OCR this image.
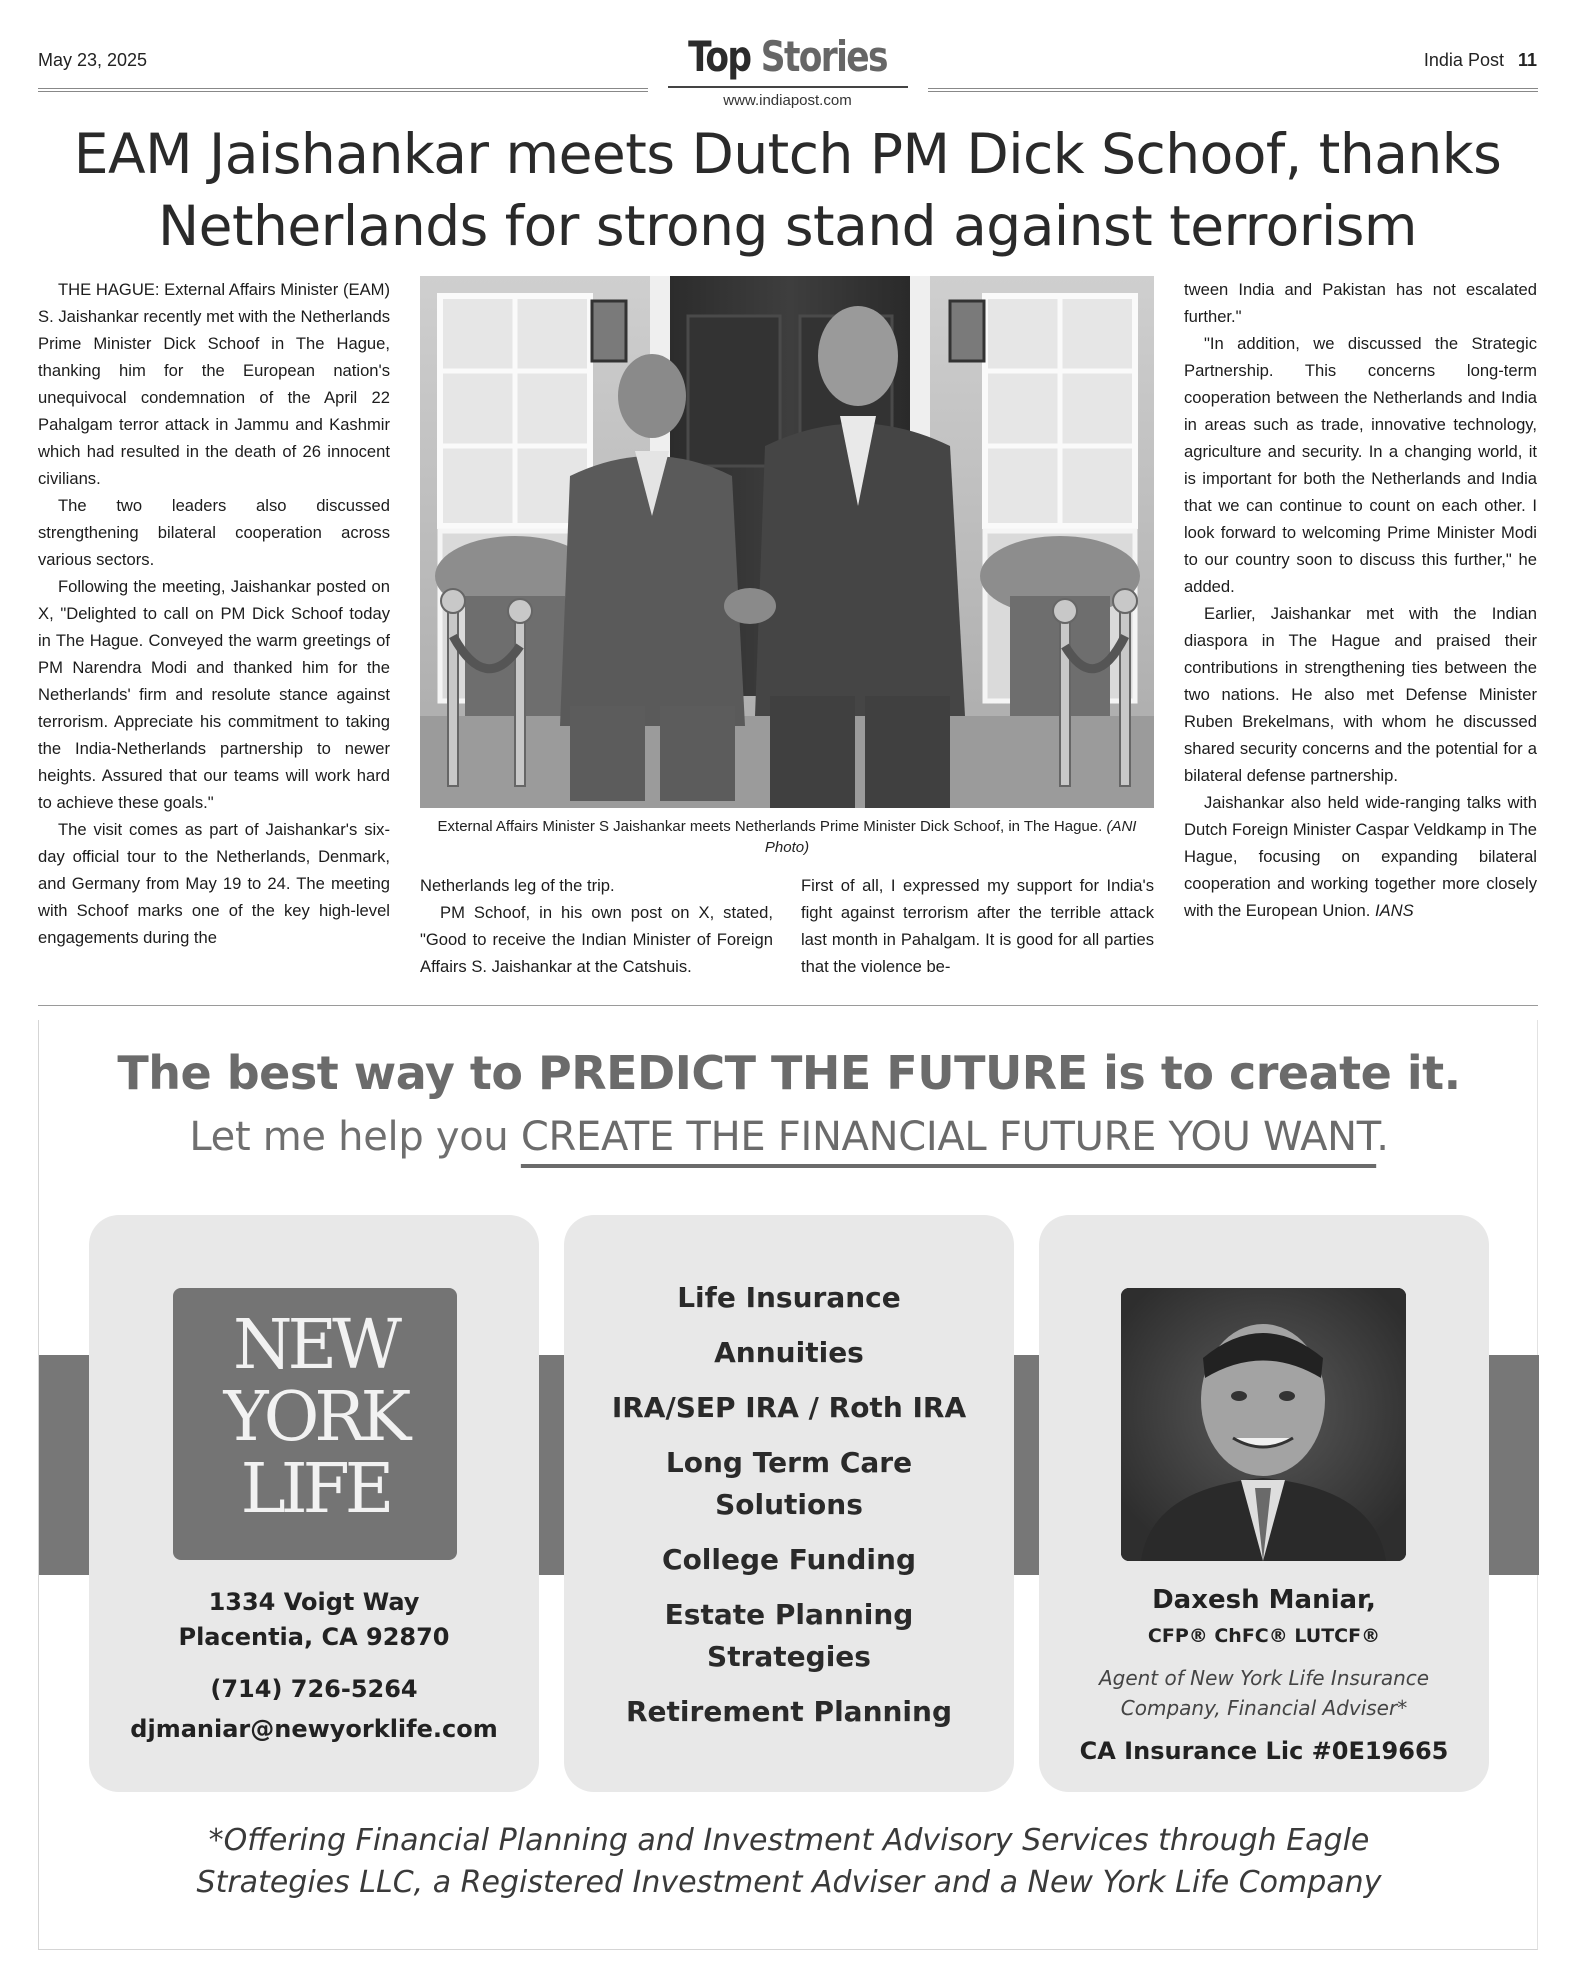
May 23, 2025	Top Stories
www.indiapost.com
India Post 11
EAM Jaishankar meets Dutch PM Dick Schoof, thanks
Netherlands for strong stand against terrorism

THE HAGUE: External Affairs Minister (EAM) S. Jaishankar recently met with the Netherlands Prime Minister Dick Schoof in The Hague, thanking him for the European nation's unequivocal condemnation of the April 22 Pahalgam terror attack in Jammu and Kashmir which had resulted in the death of 26 innocent civilians.

The two leaders also discussed strengthening bilateral cooperation across various sectors.

Following the meeting, Jaishankar posted on X, "Delighted to call on PM Dick Schoof today in The Hague. Conveyed the warm greetings of PM Narendra Modi and thanked him for the Netherlands' firm and resolute stance against terrorism. Appreciate his commitment to taking the India-Netherlands partnership to newer heights. Assured that our teams will work hard to achieve these goals."

The visit comes as part of Jaishankar's six-day official tour to the Netherlands, Denmark, and Germany from May 19 to 24. The meeting with Schoof marks one of the key high-level engagements during the

External Affairs Minister S Jaishankar meets Netherlands Prime Minister Dick Schoof, in The Hague. (ANI Photo)

Netherlands leg of the trip.

PM Schoof, in his own post on X, stated, "Good to receive the Indian Minister of Foreign Affairs S. Jaishankar at the Catshuis.

First of all, I expressed my support for India's fight against terrorism after the terrible attack last month in Pahalgam. It is good for all parties that the violence be-

tween India and Pakistan has not escalated further."

"In addition, we discussed the Strategic Partnership. This concerns long-term cooperation between the Netherlands and India in areas such as trade, innovative technology, agriculture and security. In a changing world, it is important for both the Netherlands and India that we can continue to count on each other. I look forward to welcoming Prime Minister Modi to our country soon to discuss this further," he added.

Earlier, Jaishankar met with the Indian diaspora in The Hague and praised their contributions in strengthening ties between the two nations. He also met Defense Minister Ruben Brekelmans, with whom he discussed shared security concerns and the potential for a bilateral defense partnership.

Jaishankar also held wide-ranging talks with Dutch Foreign Minister Caspar Veldkamp in The Hague, focusing on expanding bilateral cooperation and working together more closely with the European Union. IANS

The best way to PREDICT THE FUTURE is to create it.
Let me help you CREATE THE FINANCIAL FUTURE YOU WANT.
NEW
YORK
LIFE
1334 Voigt Way
Placentia, CA 92870
(714) 726-5264
djmaniar@newyorklife.com
Life Insurance
Annuities
IRA/SEP IRA / Roth IRA
Long Term Care Solutions
College Funding
Estate Planning Strategies
Retirement Planning
Daxesh Maniar,
CFP® ChFC® LUTCF®
Agent of New York Life Insurance
Company, Financial Adviser*
CA Insurance Lic #0E19665
*Offering Financial Planning and Investment Advisory Services through Eagle
Strategies LLC, a Registered Investment Adviser and a New York Life Company
